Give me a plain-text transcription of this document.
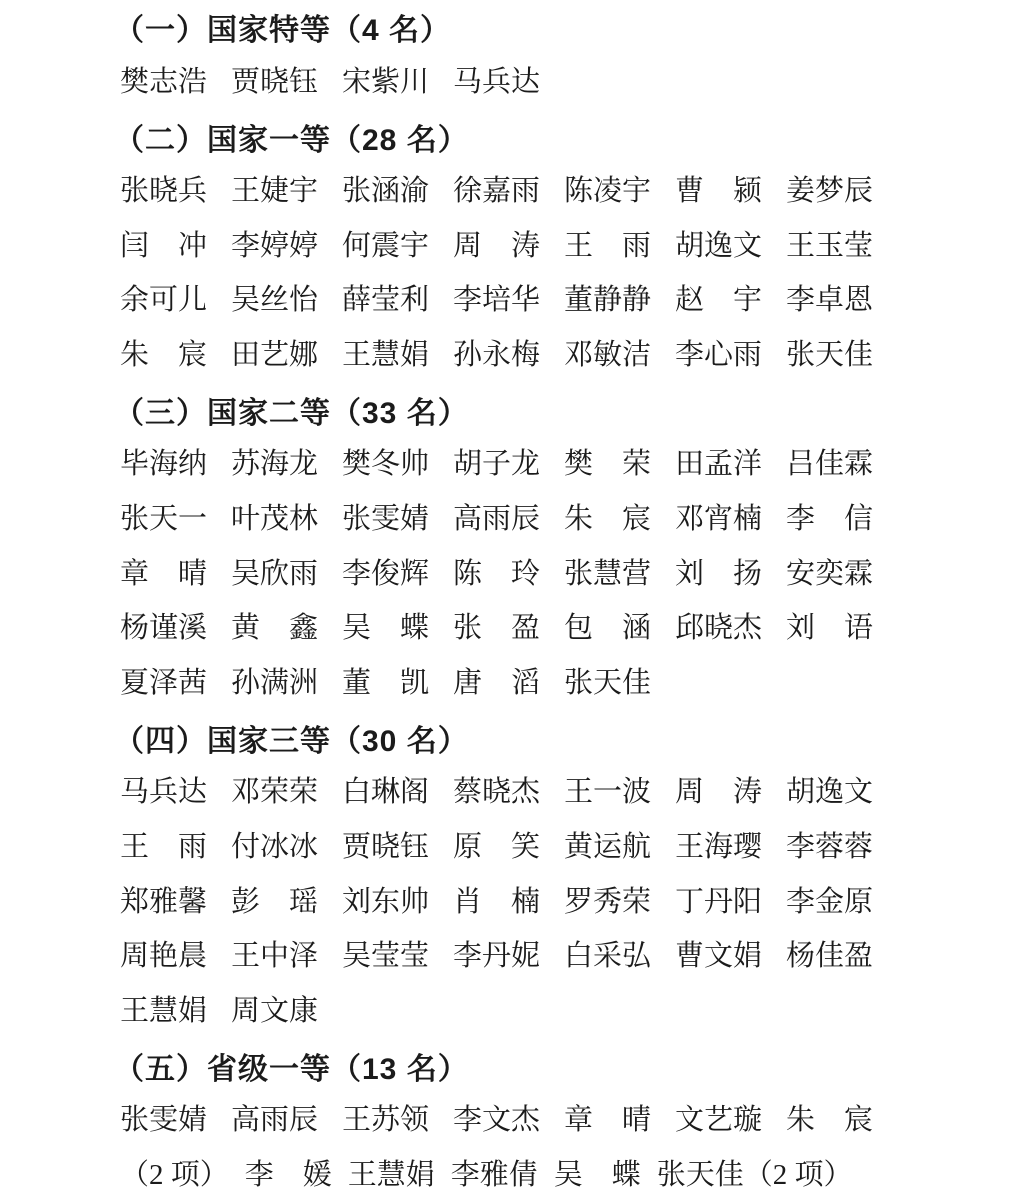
（一）国家特等（4 名）
樊志浩 贾晓钰 宋紫川 马兵达
（二）国家一等（28 名）
张晓兵 王婕宇 张涵渝 徐嘉雨 陈凌宇 曹　颍 姜梦辰
闫　冲 李婷婷 何震宇 周　涛 王　雨 胡逸文 王玉莹
余可儿 吴丝怡 薛莹利 李培华 董静静 赵　宇 李卓恩
朱　宸 田艺娜 王慧娟 孙永梅 邓敏洁 李心雨 张天佳
（三）国家二等（33 名）
毕海纳 苏海龙 樊冬帅 胡子龙 樊　荣 田孟洋 吕佳霖
张天一 叶茂林 张雯婧 高雨辰 朱　宸 邓宵楠 李　信
章　晴 吴欣雨 李俊辉 陈　玲 张慧营 刘　扬 安奕霖
杨谨溪 黄　鑫 吴　蝶 张　盈 包　涵 邱晓杰 刘　语
夏泽茜 孙满洲 董　凯 唐　滔 张天佳
（四）国家三等（30 名）
马兵达 邓荣荣 白琳阁 蔡晓杰 王一波 周　涛 胡逸文
王　雨 付冰冰 贾晓钰 原　笑 黄运航 王海璎 李蓉蓉
郑雅馨 彭　瑶 刘东帅 肖　楠 罗秀荣 丁丹阳 李金原
周艳晨 王中泽 吴莹莹 李丹妮 白采弘 曹文娟 杨佳盈
王慧娟 周文康
（五）省级一等（13 名）
张雯婧 高雨辰 王苏领 李文杰 章　晴 文艺璇 朱　宸
（2 项） 李　媛 王慧娟 李雅倩 吴　蝶 张天佳（2 项）
